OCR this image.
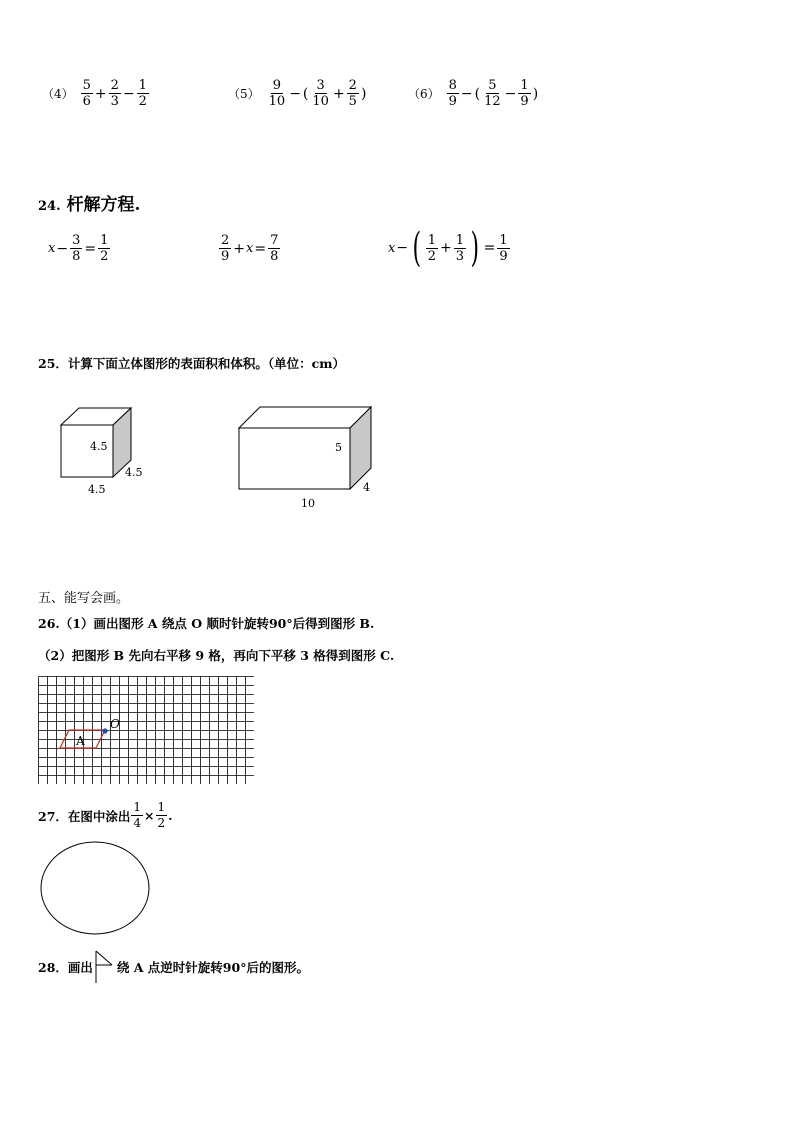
$(4) \frac{5}{6} + \frac{2}{3} - \frac{1}{2}$	$(5) \frac{9}{10}$ − ( $\frac{3}{10} + \frac{2}{5}$ )	$(6) \frac{8}{9}$ − ( $\frac{5}{12} - \frac{1}{9}$ )
24. 杆解方程.
$x - \frac{3}{8} = \frac{1}{2}$	$\frac{2}{9} + x = \frac{7}{8}$	x − ( $\frac{1}{2} + \frac{1}{3}$ ) = $\frac{1}{9}$
25．计算下面立体图形的表面积和体积。（单位：cm）
4.5
4.5
4.5
5
4
10
五、能写会画。
26.（1）画出图形 A 绕点 O 顺时针旋转90°后得到图形 B.
（2）把图形 B 先向右平移 9 格，再向下平移 3 格得到图形 C.
A
O
27．在图中涂出 $\frac{1}{4} \times \frac{1}{2}$ .
28．画出 绕 A 点逆时针旋转90°后的图形。
